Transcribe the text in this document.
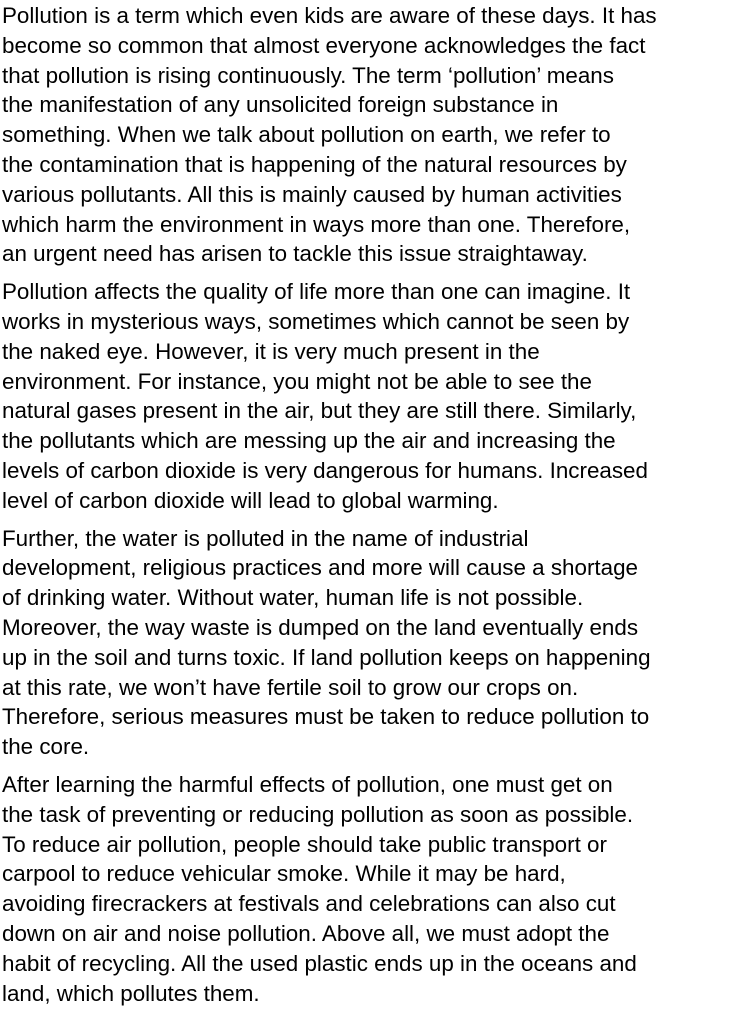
Pollution is a term which even kids are aware of these days. It has
become so common that almost everyone acknowledges the fact
that pollution is rising continuously. The term ‘pollution’ means
the manifestation of any unsolicited foreign substance in
something. When we talk about pollution on earth, we refer to
the contamination that is happening of the natural resources by
various pollutants. All this is mainly caused by human activities
which harm the environment in ways more than one. Therefore,
an urgent need has arisen to tackle this issue straightaway.

Pollution affects the quality of life more than one can imagine. It
works in mysterious ways, sometimes which cannot be seen by
the naked eye. However, it is very much present in the
environment. For instance, you might not be able to see the
natural gases present in the air, but they are still there. Similarly,
the pollutants which are messing up the air and increasing the
levels of carbon dioxide is very dangerous for humans. Increased
level of carbon dioxide will lead to global warming.

Further, the water is polluted in the name of industrial
development, religious practices and more will cause a shortage
of drinking water. Without water, human life is not possible.
Moreover, the way waste is dumped on the land eventually ends
up in the soil and turns toxic. If land pollution keeps on happening
at this rate, we won’t have fertile soil to grow our crops on.
Therefore, serious measures must be taken to reduce pollution to
the core.

After learning the harmful effects of pollution, one must get on
the task of preventing or reducing pollution as soon as possible.
To reduce air pollution, people should take public transport or
carpool to reduce vehicular smoke. While it may be hard,
avoiding firecrackers at festivals and celebrations can also cut
down on air and noise pollution. Above all, we must adopt the
habit of recycling. All the used plastic ends up in the oceans and
land, which pollutes them.
